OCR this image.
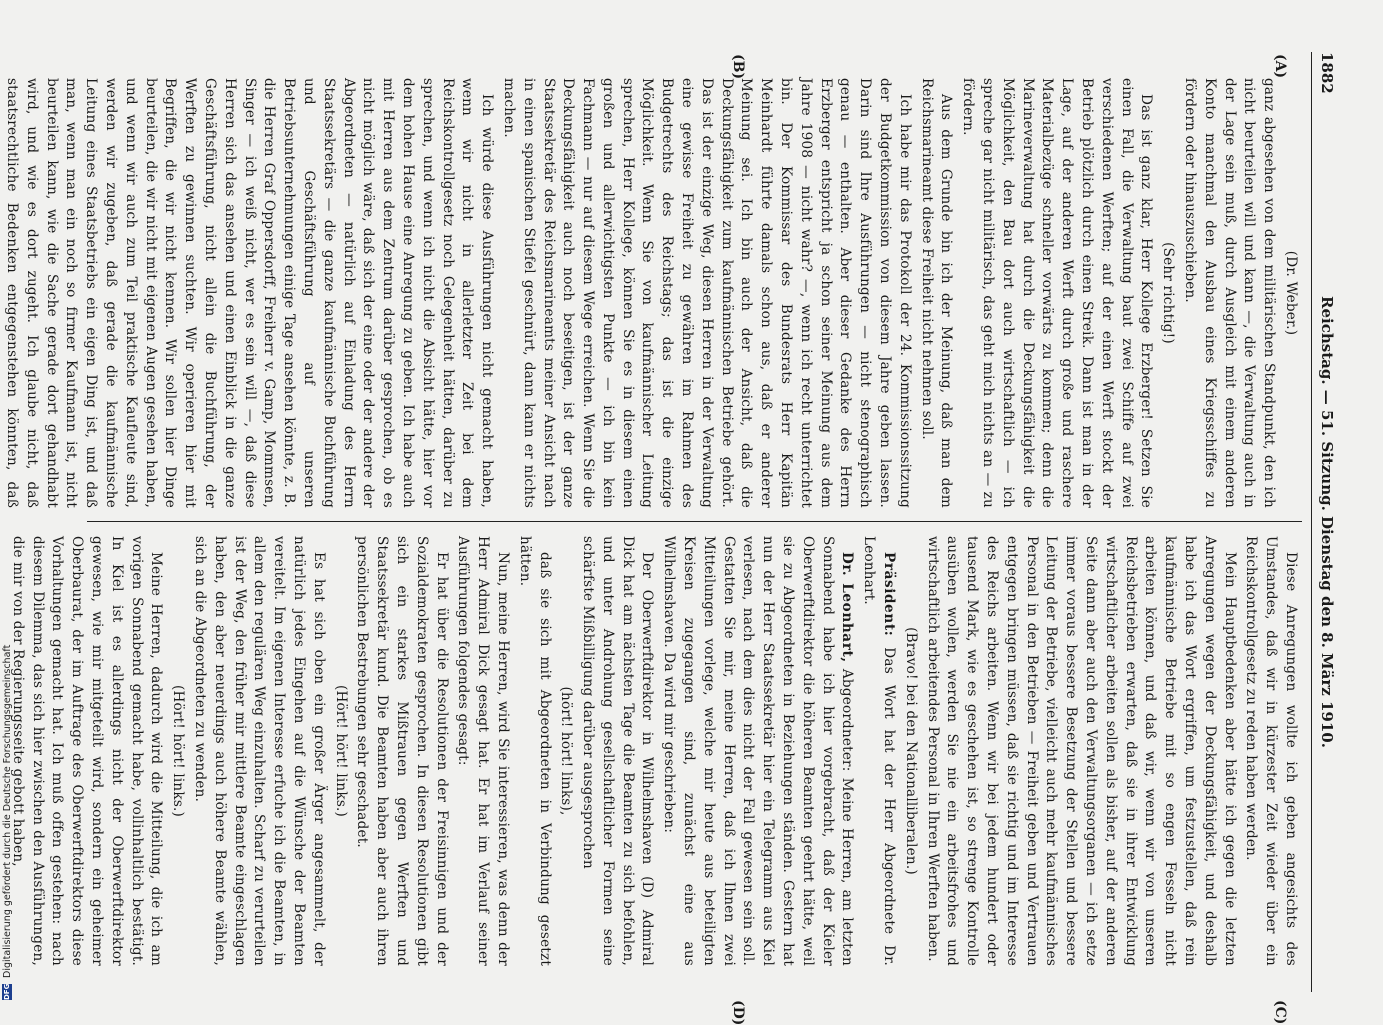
1882
Reichstag. — 51. Sitzung. Dienstag den 8. März 1910.
(A)
(B)
(C)
(D)

(Dr. Weber.)

ganz abgesehen von dem militärischen Standpunkt, den ich nicht beurteilen will und kann —, die Verwaltung auch in der Lage sein muß, durch Ausgleich mit einem anderen Konto manchmal den Ausbau eines Kriegsschiffes zu fördern oder hinauszuschieben.

(Sehr richtig!)

Das ist ganz klar, Herr Kollege Erzberger! Setzen Sie einen Fall, die Verwaltung baut zwei Schiffe auf zwei verschiedenen Werften; auf der einen Werft stockt der Betrieb plötzlich durch einen Streik. Dann ist man in der Lage, auf der anderen Werft durch große und raschere Materialbezüge schneller vorwärts zu kommen; denn die Marineverwaltung hat durch die Deckungsfähigkeit die Möglichkeit, den Bau dort auch wirtschaftlich — ich spreche gar nicht militärisch, das geht mich nichts an — zu fördern.

Aus dem Grunde bin ich der Meinung, daß man dem Reichsmarineamt diese Freiheit nicht nehmen soll.

Ich habe mir das Protokoll der 24. Kommissionssitzung der Budgetkommission von diesem Jahre geben lassen. Darin sind Ihre Ausführungen — nicht stenographisch genau — enthalten. Aber dieser Gedanke des Herrn Erzberger entspricht ja schon seiner Meinung aus dem Jahre 1908 — nicht wahr? —, wenn ich recht unterrichtet bin. Der Kommissar des Bundesrats Herr Kapitän Meinhardt führte damals schon aus, daß er anderer Meinung sei. Ich bin auch der Ansicht, daß die Deckungsfähigkeit zum kaufmännischen Betriebe gehört. Das ist der einzige Weg, diesen Herren in der Verwaltung eine gewisse Freiheit zu gewähren im Rahmen des Budgetrechts des Reichstags; das ist die einzige Möglichkeit. Wenn Sie von kaufmännischer Leitung sprechen, Herr Kollege, können Sie es in diesem einen großen und allerwichtigsten Punkte — ich bin kein Fachmann — nur auf diesem Wege erreichen. Wenn Sie die Deckungsfähigkeit auch noch beseitigen, ist der ganze Staatssekretär des Reichsmarineamts meiner Ansicht nach in einen spanischen Stiefel geschnürt, dann kann er nichts machen.

Ich würde diese Ausführungen nicht gemacht haben, wenn wir nicht in allerletzter Zeit bei dem Reichskontrollgesetz noch Gelegenheit hätten, darüber zu sprechen, und wenn ich nicht die Absicht hätte, hier vor dem hohen Hause eine Anregung zu geben. Ich habe auch mit Herren aus dem Zentrum darüber gesprochen, ob es nicht möglich wäre, daß sich der eine oder der andere der Abgeordneten — natürlich auf Einladung des Herrn Staatssekretärs — die ganze kaufmännische Buchführung und Geschäftsführung auf unseren Betriebsunternehmungen einige Tage ansehen könnte, z. B. die Herren Graf Oppersdorff, Freiherr v. Gamp, Mommsen, Singer — ich weiß nicht, wer es sein will —, daß diese Herren sich das ansehen und einen Einblick in die ganze Geschäftsführung, nicht allein die Buchführung, der Werften zu gewinnen suchten. Wir operieren hier mit Begriffen, die wir nicht kennen. Wir sollen hier Dinge beurteilen, die wir nicht mit eigenen Augen gesehen haben, und wenn wir auch zum Teil praktische Kaufleute sind, werden wir zugeben, daß gerade die kaufmännische Leitung eines Staatsbetriebs ein eigen Ding ist, und daß man, wenn man ein noch so firmer Kaufmann ist, nicht beurteilen kann, wie die Sache gerade dort gehandhabt wird, und wie es dort zugeht. Ich glaube nicht, daß staatsrechtliche Bedenken entgegenstehen könnten, daß

Diese Anregungen wollte ich geben angesichts des Umstandes, daß wir in kürzester Zeit wieder über ein Reichskontrollgesetz zu reden haben werden.

Mein Hauptbedenken aber hätte ich gegen die letzten Anregungen wegen der Deckungsfähigkeit, und deshalb habe ich das Wort ergriffen, um festzustellen, daß rein kaufmännische Betriebe mit so engen Fesseln nicht arbeiten können, und daß wir, wenn wir von unseren Reichsbetrieben erwarten, daß sie in ihrer Entwicklung wirtschaftlicher arbeiten sollen als bisher, auf der anderen Seite dann aber auch den Verwaltungsorganen — ich setze immer voraus bessere Besetzung der Stellen und bessere Leitung der Betriebe, vielleicht auch mehr kaufmännisches Personal in den Betrieben — Freiheit geben und Vertrauen entgegen bringen müssen, daß sie richtig und im Interesse des Reichs arbeiten. Wenn wir bei jedem hundert oder tausend Mark, wie es geschehen ist, so strenge Kontrolle ausüben wollen, werden Sie nie ein arbeitsfrohes und wirtschaftlich arbeitendes Personal in Ihren Werften haben.

(Bravo! bei den Nationalliberalen.)

Präsident: Das Wort hat der Herr Abgeordnete Dr. Leonhart.

Dr. Leonhart, Abgeordneter: Meine Herren, am letzten Sonnabend habe ich hier vorgebracht, daß der Kieler Oberwerftdirektor die höheren Beamten geehrt hätte, weil sie zu Abgeordneten in Beziehungen ständen. Gestern hat nun der Herr Staatssekretär hier ein Telegramm aus Kiel verlesen, nach dem dies nicht der Fall gewesen sein soll. Gestatten Sie mir, meine Herren, daß ich Ihnen zwei Mitteilungen vorlege, welche mir heute aus beteiligten Kreisen zugegangen sind, zunächst eine aus Wilhelmshaven. Da wird mir geschrieben:

Der Oberwerftdirektor in Wilhelmshaven (D) Admiral Dick hat am nächsten Tage die Beamten zu sich befohlen, und unter Androhung gesellschaftlicher Formen seine schärfste Mißbilligung darüber ausgesprochen

(hört! hört! links),

daß sie sich mit Abgeordneten in Verbindung gesetzt hätten.

Nun, meine Herren, wird Sie interessieren, was denn der Herr Admiral Dick gesagt hat. Er hat im Verlauf seiner Ausführungen folgendes gesagt:

Er hat über die Resolutionen der Freisinnigen und der Sozialdemokraten gesprochen. In diesen Resolutionen gibt sich ein starkes Mißtrauen gegen Werften und Staatssekretär kund. Die Beamten haben aber auch ihren persönlichen Bestrebungen sehr geschadet.

(Hört! hört! links.)

Es hat sich oben ein großer Ärger angesammelt, der natürlich jedes Eingehen auf die Wünsche der Beamten vereitelt. Im eigenen Interesse erfuche ich die Beamten, in allem den regulären Weg einzuhalten. Scharf zu verurteilen ist der Weg, den früher mir mittlere Beamte eingeschlagen haben, den aber neuerdings auch höhere Beamte wählen, sich an die Abgeordneten zu wenden.

(Hört! hört! links.)

Meine Herren, dadurch wird die Mitteilung, die ich am vorigen Sonnabend gemacht habe, vollinhaltlich bestätigt. In Kiel ist es allerdings nicht der Oberwerftdirektor gewesen, wie mir mitgeteilt wird, sondern ein geheimer Oberbaurat, der im Auftrage des Oberwerftdirektors diese Vorhaltungen gemacht hat. Ich muß offen gestehen: nach diesem Dilemma, das sich hier zwischen den Ausführungen, die mir von der Regierungsseite gebott haben,

DFG
Digitalisierung gefördert durch die Deutsche Forschungsgemeinschaft
